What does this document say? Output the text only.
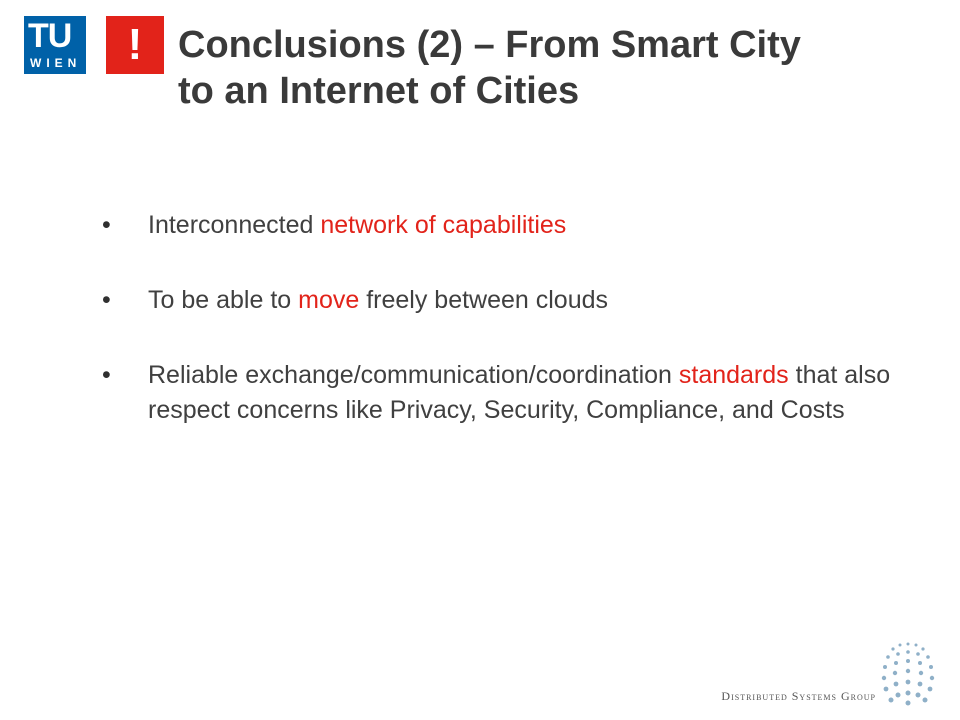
TU
WIEN	! Conclusions (2) – From Smart City
to an Internet of Cities
• Interconnected network of capabilities
• To be able to move freely between clouds
• Reliable exchange/communication/coordination standards that also respect concerns like Privacy, Security, Compliance, and Costs
Distributed Systems Group
